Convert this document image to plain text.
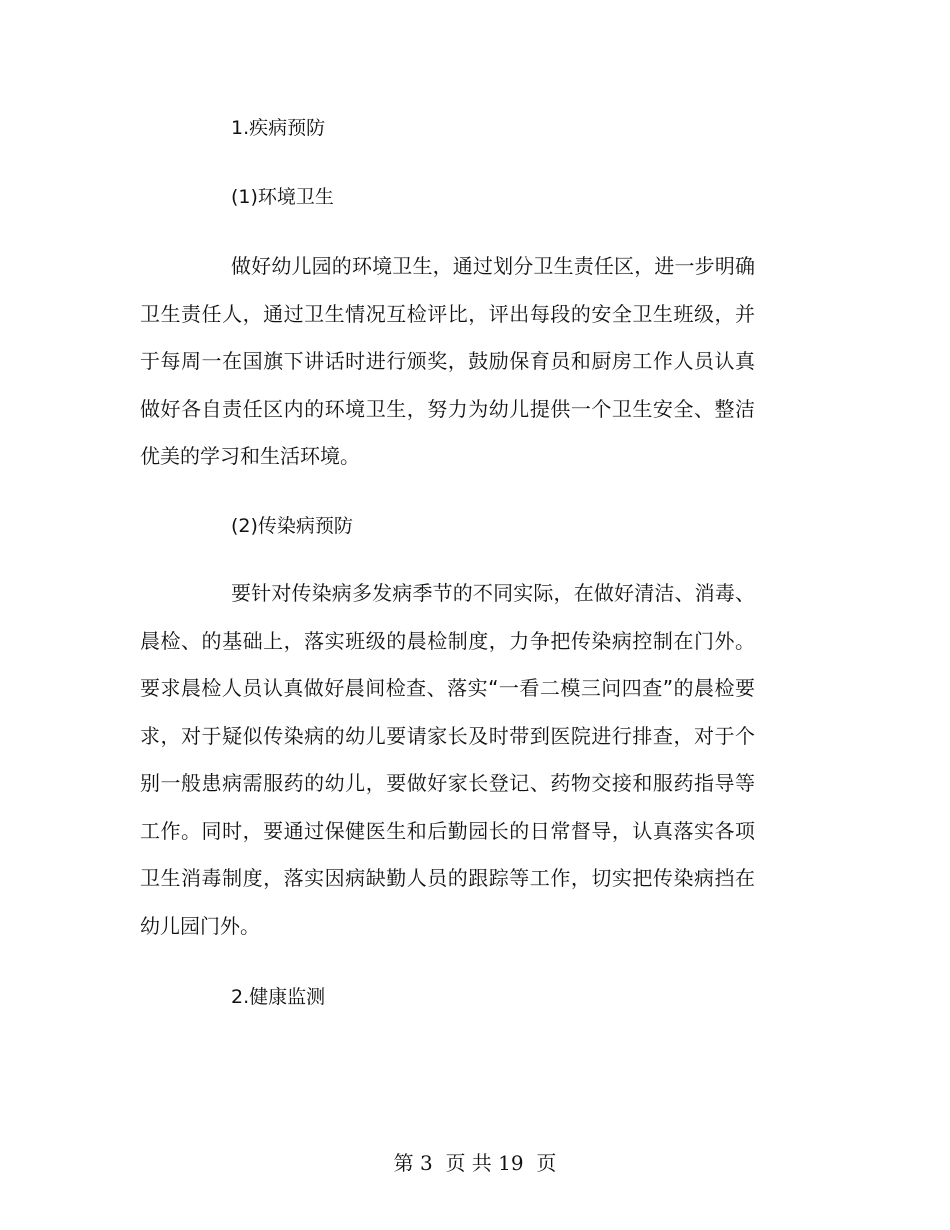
1.疾病预防
(1)环境卫生

做好幼儿园的环境卫生，通过划分卫生责任区，进一步明确卫生责任人，通过卫生情况互检评比，评出每段的安全卫生班级，并于每周一在国旗下讲话时进行颁奖，鼓励保育员和厨房工作人员认真做好各自责任区内的环境卫生，努力为幼儿提供一个卫生安全、整洁优美的学习和生活环境。

(2)传染病预防

要针对传染病多发病季节的不同实际，在做好清洁、消毒、晨检、的基础上，落实班级的晨检制度，力争把传染病控制在门外。要求晨检人员认真做好晨间检查、落实“一看二模三问四查”的晨检要求，对于疑似传染病的幼儿要请家长及时带到医院进行排查，对于个别一般患病需服药的幼儿，要做好家长登记、药物交接和服药指导等工作。同时，要通过保健医生和后勤园长的日常督导，认真落实各项卫生消毒制度，落实因病缺勤人员的跟踪等工作，切实把传染病挡在幼儿园门外。

2.健康监测
第 3  页 共 19  页
